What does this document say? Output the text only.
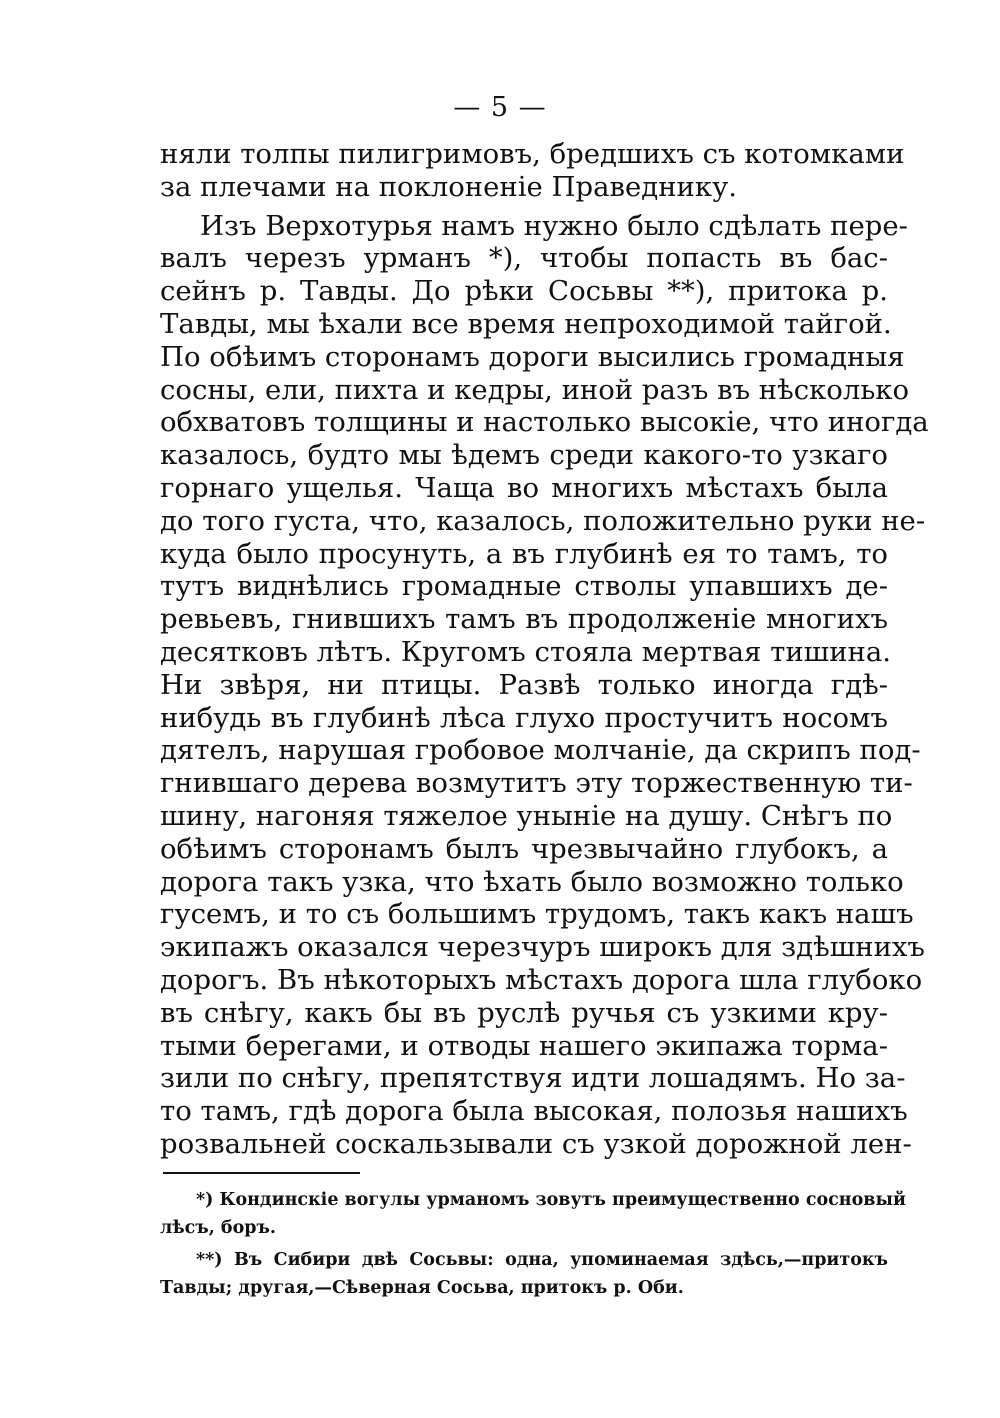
— 5 —
няли толпы пилигримовъ, бредшихъ съ котомками
за плечами на поклоненіе Праведнику.
Изъ Верхотурья намъ нужно было сдѣлать пере-
валъ черезъ урманъ *), чтобы попасть въ бас-
сейнъ р. Тавды. До рѣки Сосьвы **), притока р.
Тавды, мы ѣхали все время непроходимой тайгой.
По обѣимъ сторонамъ дороги высились громадныя
сосны, ели, пихта и кедры, иной разъ въ нѣсколько
обхватовъ толщины и настолько высокіе, что иногда
казалось, будто мы ѣдемъ среди какого-то узкаго
горнаго ущелья. Чаща во многихъ мѣстахъ была
до того густа, что, казалось, положительно руки не-
куда было просунуть, а въ глубинѣ ея то тамъ, то
тутъ виднѣлись громадные стволы упавшихъ де-
ревьевъ, гнившихъ тамъ въ продолженіе многихъ
десятковъ лѣтъ. Кругомъ стояла мертвая тишина.
Ни звѣря, ни птицы. Развѣ только иногда гдѣ-
нибудь въ глубинѣ лѣса глухо простучитъ носомъ
дятелъ, нарушая гробовое молчаніе, да скрипъ под-
гнившаго дерева возмутитъ эту торжественную ти-
шину, нагоняя тяжелое уныніе на душу. Снѣгъ по
обѣимъ сторонамъ былъ чрезвычайно глубокъ, а
дорога такъ узка, что ѣхать было возможно только
гусемъ, и то съ большимъ трудомъ, такъ какъ нашъ
экипажъ оказался черезчуръ широкъ для здѣшнихъ
дорогъ. Въ нѣкоторыхъ мѣстахъ дорога шла глубоко
въ снѣгу, какъ бы въ руслѣ ручья съ узкими кру-
тыми берегами, и отводы нашего экипажа торма-
зили по снѣгу, препятствуя идти лошадямъ. Но за-
то тамъ, гдѣ дорога была высокая, полозья нашихъ
розвальней соскальзывали съ узкой дорожной лен-
*) Кондинскіе вогулы урманомъ зовутъ преимущественно сосновый
лѣсъ, боръ.
**) Въ Сибири двѣ Сосьвы: одна, упоминаемая здѣсь,—притокъ
Тавды; другая,—Сѣверная Сосьва, притокъ р. Оби.
